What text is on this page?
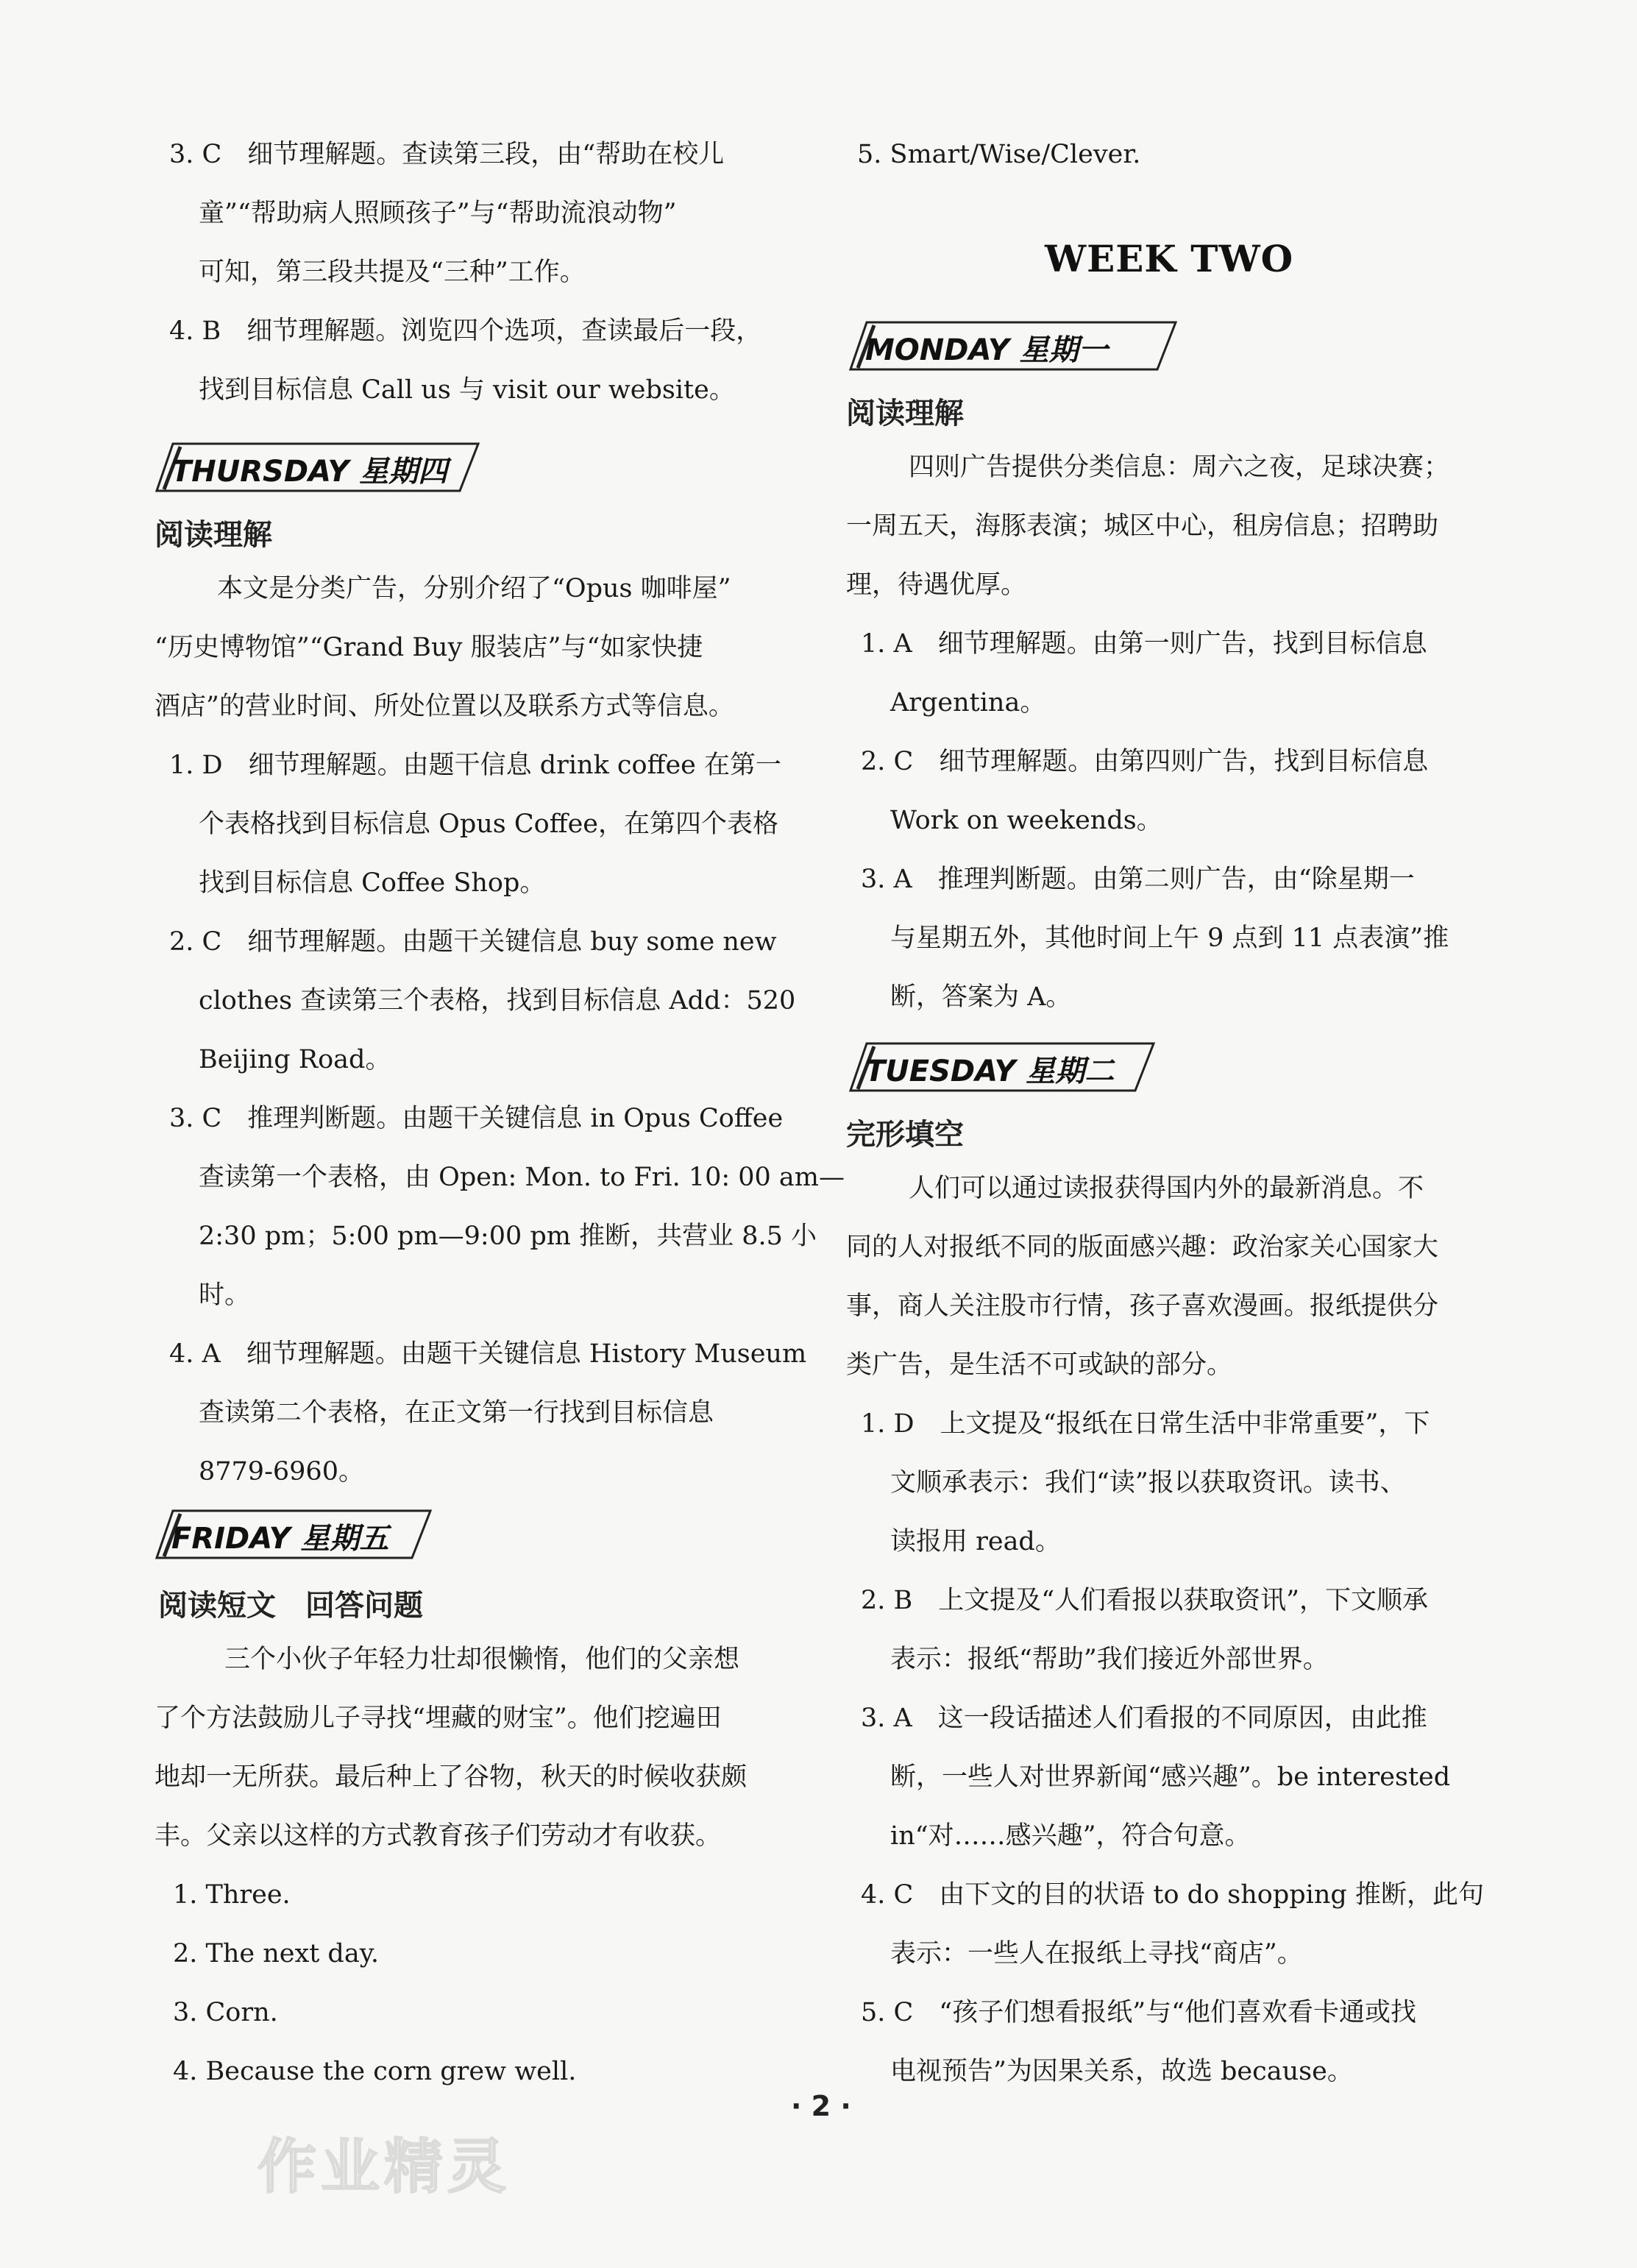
3. C　细节理解题。查读第三段，由“帮助在校儿
童”“帮助病人照顾孩子”与“帮助流浪动物”
可知，第三段共提及“三种”工作。
4. B　细节理解题。浏览四个选项，查读最后一段，
找到目标信息 Call us 与 visit our website。
THURSDAY 星期四
阅读理解
本文是分类广告，分别介绍了“Opus 咖啡屋”
“历史博物馆”“Grand Buy 服装店”与“如家快捷
酒店”的营业时间、所处位置以及联系方式等信息。
1. D　细节理解题。由题干信息 drink coffee 在第一
个表格找到目标信息 Opus Coffee，在第四个表格
找到目标信息 Coffee Shop。
2. C　细节理解题。由题干关键信息 buy some new
clothes 查读第三个表格，找到目标信息 Add：520
Beijing Road。
3. C　推理判断题。由题干关键信息 in Opus Coffee
查读第一个表格，由 Open: Mon. to Fri. 10: 00 am—
2:30 pm；5:00 pm—9:00 pm 推断，共营业 8.5 小
时。
4. A　细节理解题。由题干关键信息 History Museum
查读第二个表格，在正文第一行找到目标信息
8779-6960。
FRIDAY 星期五
阅读短文　回答问题
三个小伙子年轻力壮却很懒惰，他们的父亲想
了个方法鼓励儿子寻找“埋藏的财宝”。他们挖遍田
地却一无所获。最后种上了谷物，秋天的时候收获颇
丰。父亲以这样的方式教育孩子们劳动才有收获。
1. Three.
2. The next day.
3. Corn.
4. Because the corn grew well.
5. Smart/Wise/Clever.
WEEK TWO
MONDAY 星期一
阅读理解
四则广告提供分类信息：周六之夜，足球决赛；
一周五天，海豚表演；城区中心，租房信息；招聘助
理，待遇优厚。
1. A　细节理解题。由第一则广告，找到目标信息
Argentina。
2. C　细节理解题。由第四则广告，找到目标信息
Work on weekends。
3. A　推理判断题。由第二则广告，由“除星期一
与星期五外，其他时间上午 9 点到 11 点表演”推
断，答案为 A。
TUESDAY 星期二
完形填空
人们可以通过读报获得国内外的最新消息。不
同的人对报纸不同的版面感兴趣：政治家关心国家大
事，商人关注股市行情，孩子喜欢漫画。报纸提供分
类广告，是生活不可或缺的部分。
1. D　上文提及“报纸在日常生活中非常重要”，下
文顺承表示：我们“读”报以获取资讯。读书、
读报用 read。
2. B　上文提及“人们看报以获取资讯”，下文顺承
表示：报纸“帮助”我们接近外部世界。
3. A　这一段话描述人们看报的不同原因，由此推
断，一些人对世界新闻“感兴趣”。be interested
in“对……感兴趣”，符合句意。
4. C　由下文的目的状语 to do shopping 推断，此句
表示：一些人在报纸上寻找“商店”。
5. C　“孩子们想看报纸”与“他们喜欢看卡通或找
电视预告”为因果关系，故选 because。
· 2 ·
作业精灵
